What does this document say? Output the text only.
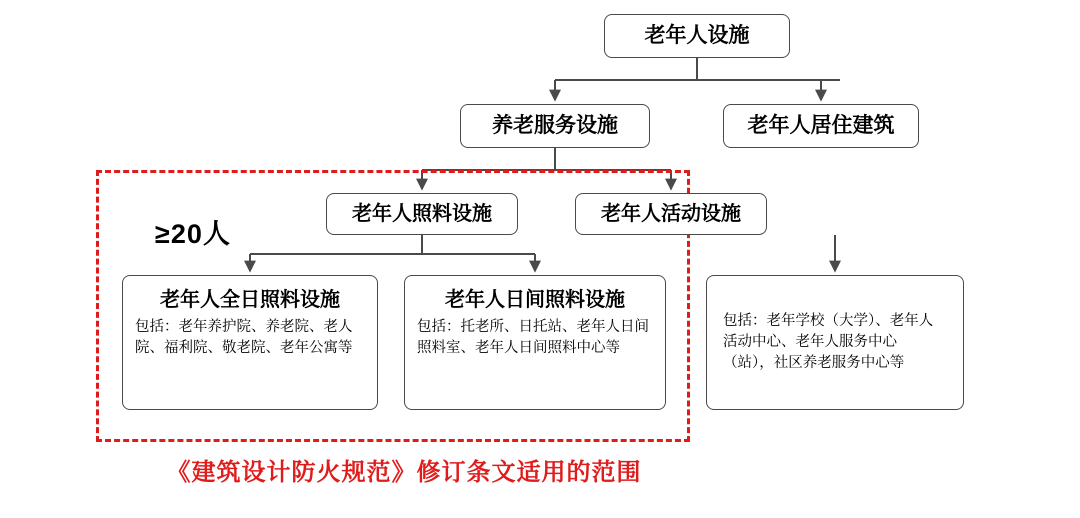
≥20人
老年人设施
养老服务设施	老年人居住建筑
老年人照料设施	老年人活动设施
老年人全日照料设施
包括：老年养护院、养老院、老人院、福利院、敬老院、老年公寓等
老年人日间照料设施
包括：托老所、日托站、老年人日间照料室、老年人日间照料中心等
包括：老年学校（大学）、老年人活动中心、老年人服务中心（站），社区养老服务中心等
《建筑设计防火规范》修订条文适用的范围
